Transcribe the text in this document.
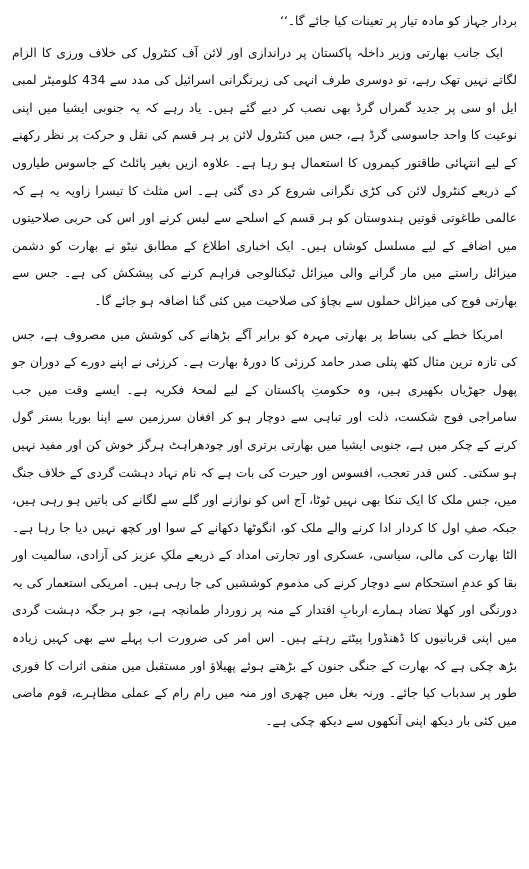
بردار جہاز کو مادہ تیار پر تعینات کیا جائے گا۔‘‘

ایک جانب بھارتی وزیر داخلہ پاکستان پر دراندازی اور لائن آف کنٹرول کی خلاف ورزی کا الزام لگاتے نہیں تھک رہے، تو دوسری طرف انہی کی زیرنگرانی اسرائیل کی مدد سے 434 کلومیٹر لمبی ایل او سی پر جدید گمراں گرڈ بھی نصب کر دیے گئے ہیں۔ یاد رہے کہ یہ جنوبی ایشیا میں اپنی نوعیت کا واحد جاسوسی گرڈ ہے، جس میں کنٹرول لائن پر ہر قسم کی نقل و حرکت پر نظر رکھنے کے لیے انتہائی طاقتور کیمروں کا استعمال ہو رہا ہے۔ علاوہ ازیں بغیر پائلٹ کے جاسوس طیاروں کے ذریعے کنٹرول لائن کی کڑی نگرانی شروع کر دی گئی ہے۔ اس مثلث کا تیسرا زاویہ یہ ہے کہ عالمی طاغوتی قوتیں ہندوستان کو ہر قسم کے اسلحے سے لیس کرنے اور اس کی حربی صلاحیتوں میں اضافے کے لیے مسلسل کوشاں ہیں۔ ایک اخباری اطلاع کے مطابق نیٹو نے بھارت کو دشمن میزائل راستے میں مار گرانے والی میزائل ٹیکنالوجی فراہم کرنے کی پیشکش کی ہے۔ جس سے بھارتی فوج کی میزائل حملوں سے بچاؤ کی صلاحیت میں کئی گنا اضافہ ہو جائے گا۔

امریکا خطے کی بساط پر بھارتی مہرہ کو برابر آگے بڑھانے کی کوشش میں مصروف ہے، جس کی تازہ ترین مثال کٹھ پتلی صدر حامد کرزئی کا دورۂ بھارت ہے۔ کرزئی نے اپنے دورے کے دوران جو پھول جھڑیاں بکھیری ہیں، وہ حکومتِ پاکستان کے لیے لمحۂ فکریہ ہے۔ ایسے وقت میں جب سامراجی فوج شکست، ذلت اور تباہی سے دوچار ہو کر افغان سرزمین سے اپنا بوریا بستر گول کرنے کے چکر میں ہے، جنوبی ایشیا میں بھارتی برتری اور چودھراہٹ ہرگز خوش کن اور مفید نہیں ہو سکتی۔ کس قدر تعجب، افسوس اور حیرت کی بات ہے کہ نام نہاد دہشت گردی کے خلاف جنگ میں، جس ملک کا ایک تنکا بھی نہیں ٹوٹا، آج اس کو نوازنے اور گلے سے لگانے کی باتیں ہو رہی ہیں، جبکہ صفِ اول کا کردار ادا کرنے والے ملک کو، انگوٹھا دکھانے کے سوا اور کچھ نہیں دیا جا رہا ہے۔ الٹا بھارت کی مالی، سیاسی، عسکری اور تجارتی امداد کے ذریعے ملکِ عزیز کی آزادی، سالمیت اور بقا کو عدمِ استحکام سے دوچار کرنے کی مذموم کوششیں کی جا رہی ہیں۔ امریکی استعمار کی یہ دورنگی اور کھلا تضاد ہمارے اربابِ اقتدار کے منہ پر زوردار طمانچہ ہے، جو ہر جگہ دہشت گردی میں اپنی قربانیوں کا ڈھنڈورا پیٹتے رہتے ہیں۔ اس امر کی ضرورت اب پہلے سے بھی کہیں زیادہ بڑھ چکی ہے کہ بھارت کے جنگی جنون کے بڑھتے ہوئے پھیلاؤ اور مستقبل میں منفی اثرات کا فوری طور پر سدباب کیا جائے۔ ورنہ بغل میں چھری اور منہ میں رام رام کے عملی مظاہرے، قوم ماضی میں کئی بار دیکھ اپنی آنکھوں سے دیکھ چکی ہے۔
